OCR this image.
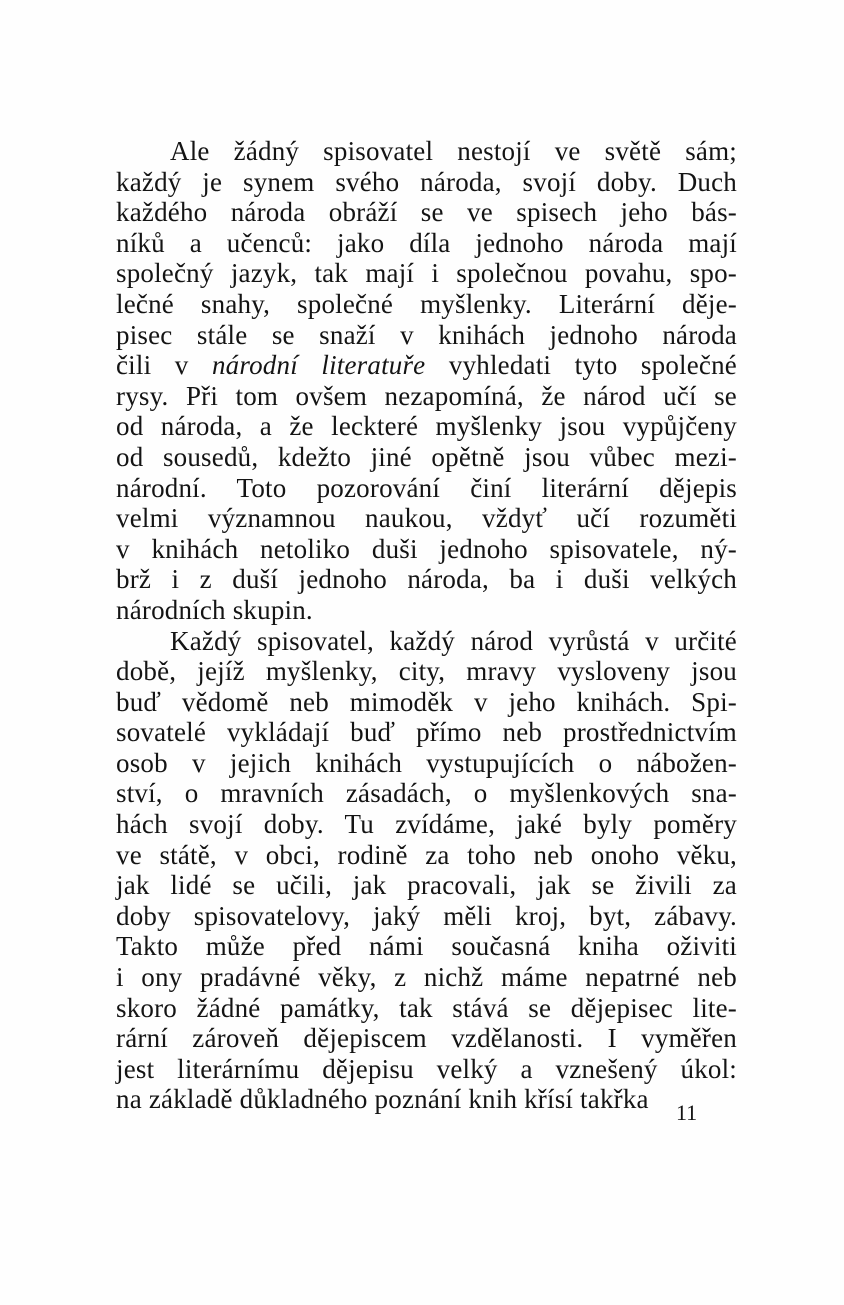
Ale žádný spisovatel nestojí ve světě sám;
každý je synem svého národa, svojí doby. Duch
každého národa obráží se ve spisech jeho bás-
níků a učenců: jako díla jednoho národa mají
společný jazyk, tak mají i společnou povahu, spo-
lečné snahy, společné myšlenky. Literární děje-
pisec stále se snaží v knihách jednoho národa
čili v národní literatuře vyhledati tyto společné
rysy. Při tom ovšem nezapomíná, že národ učí se
od národa, a že leckteré myšlenky jsou vypůjčeny
od sousedů, kdežto jiné opětně jsou vůbec mezi-
národní. Toto pozorování činí literární dějepis
velmi významnou naukou, vždyť učí rozuměti
v knihách netoliko duši jednoho spisovatele, ný-
brž i z duší jednoho národa, ba i duši velkých
národních skupin.
Každý spisovatel, každý národ vyrůstá v určité
době, jejíž myšlenky, city, mravy vysloveny jsou
buď vědomě neb mimoděk v jeho knihách. Spi-
sovatelé vykládají buď přímo neb prostřednictvím
osob v jejich knihách vystupujících o nábožen-
ství, o mravních zásadách, o myšlenkových sna-
hách svojí doby. Tu zvídáme, jaké byly poměry
ve státě, v obci, rodině za toho neb onoho věku,
jak lidé se učili, jak pracovali, jak se živili za
doby spisovatelovy, jaký měli kroj, byt, zábavy.
Takto může před námi současná kniha oživiti
i ony pradávné věky, z nichž máme nepatrné neb
skoro žádné památky, tak stává se dějepisec lite-
rární zároveň dějepiscem vzdělanosti. I vyměřen
jest literárnímu dějepisu velký a vznešený úkol:
na základě důkladného poznání knih křísí takřka	11
